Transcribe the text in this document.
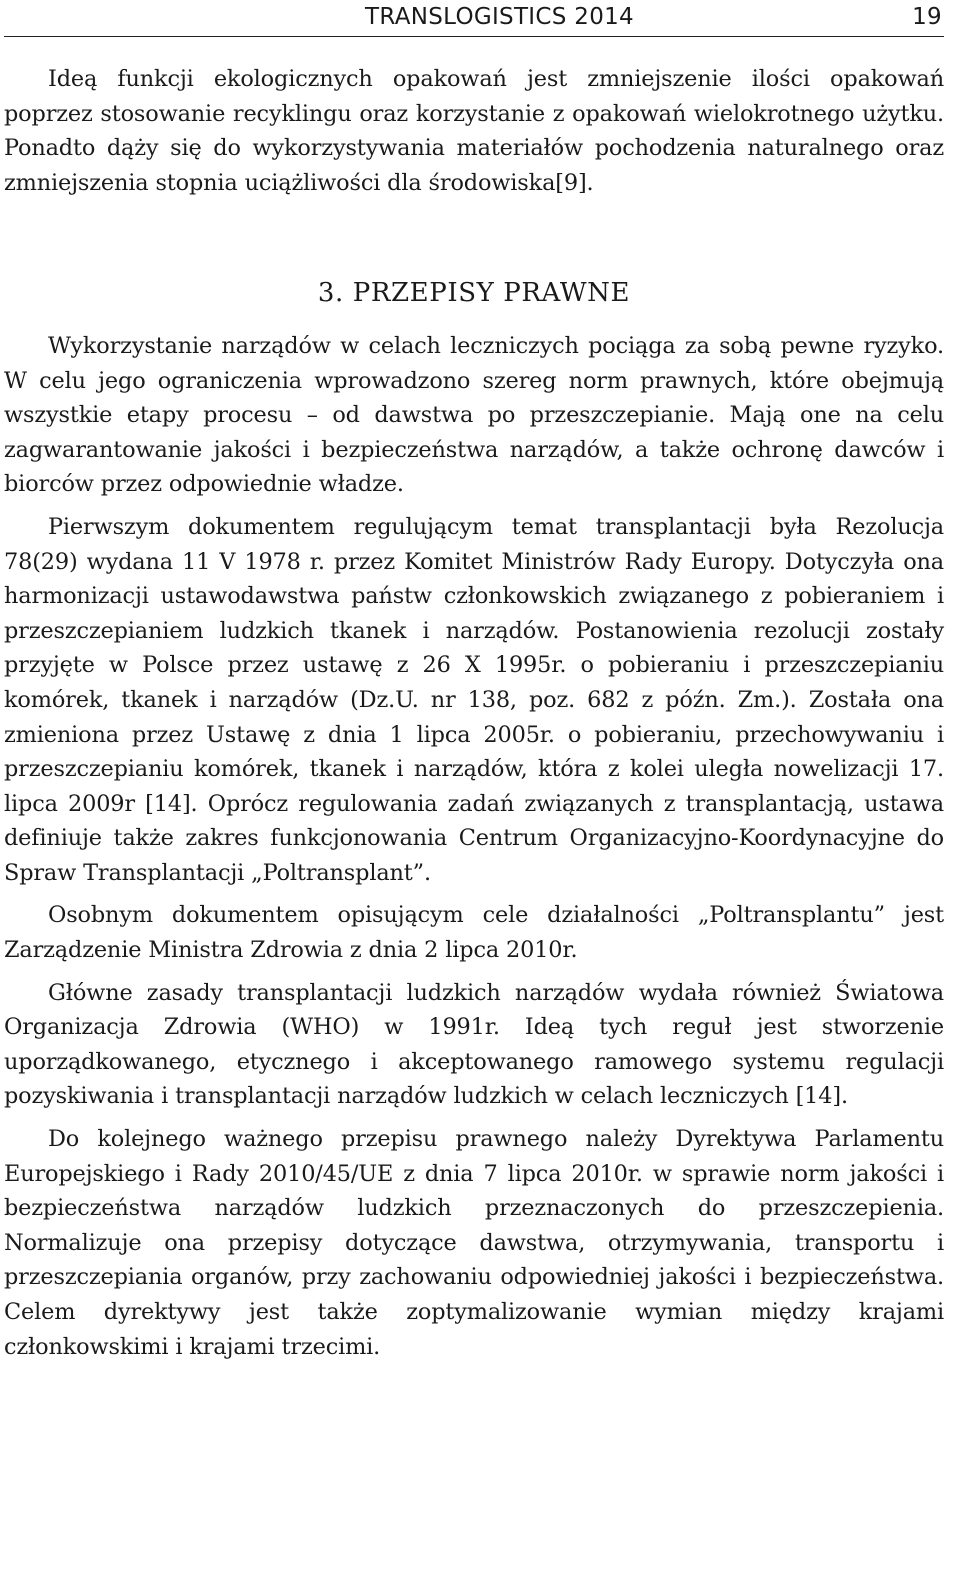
TRANSLOGISTICS 2014	19

Ideą funkcji ekologicznych opakowań jest zmniejszenie ilości opakowań poprzez stosowanie recyklingu oraz korzystanie z opakowań wielokrotnego użytku. Ponadto dąży się do wykorzystywania materiałów pochodzenia naturalnego oraz zmniejszenia stopnia uciążliwości dla środowiska[9].

3. PRZEPISY PRAWNE

Wykorzystanie narządów w celach leczniczych pociąga za sobą pewne ryzyko. W celu jego ograniczenia wprowadzono szereg norm prawnych, które obejmują wszystkie etapy procesu – od dawstwa po przeszczepianie. Mają one na celu zagwarantowanie jakości i bezpieczeństwa narządów, a także ochronę dawców i biorców przez odpowiednie władze.

Pierwszym dokumentem regulującym temat transplantacji była Rezolucja 78(29) wydana 11 V 1978 r. przez Komitet Ministrów Rady Europy. Dotyczyła ona harmonizacji ustawodawstwa państw członkowskich związanego z pobieraniem i przeszczepianiem ludzkich tkanek i narządów. Postanowienia rezolucji zostały przyjęte w Polsce przez ustawę z 26 X 1995r. o pobieraniu i przeszczepianiu komórek, tkanek i narządów (Dz.U. nr 138, poz. 682 z późn. Zm.). Została ona zmieniona przez Ustawę z dnia 1 lipca 2005r. o pobieraniu, przechowywaniu i przeszczepianiu komórek, tkanek i narządów, która z kolei uległa nowelizacji 17. lipca 2009r [14]. Oprócz regulowania zadań związanych z transplantacją, ustawa definiuje także zakres funkcjonowania Centrum Organizacyjno-Koordynacyjne do Spraw Transplantacji „Poltransplant”.

Osobnym dokumentem opisującym cele działalności „Poltransplantu” jest Zarządzenie Ministra Zdrowia z dnia 2 lipca 2010r.

Główne zasady transplantacji ludzkich narządów wydała również Światowa Organizacja Zdrowia (WHO) w 1991r. Ideą tych reguł jest stworzenie uporządkowanego, etycznego i akceptowanego ramowego systemu regulacji pozyskiwania i transplantacji narządów ludzkich w celach leczniczych [14].

Do kolejnego ważnego przepisu prawnego należy Dyrektywa Parlamentu Europejskiego i Rady 2010/45/UE z dnia 7 lipca 2010r. w sprawie norm jakości i bezpieczeństwa narządów ludzkich przeznaczonych do przeszczepienia. Normalizuje ona przepisy dotyczące dawstwa, otrzymywania, transportu i przeszczepiania organów, przy zachowaniu odpowiedniej jakości i bezpieczeństwa. Celem dyrektywy jest także zoptymalizowanie wymian między krajami członkowskimi i krajami trzecimi.
